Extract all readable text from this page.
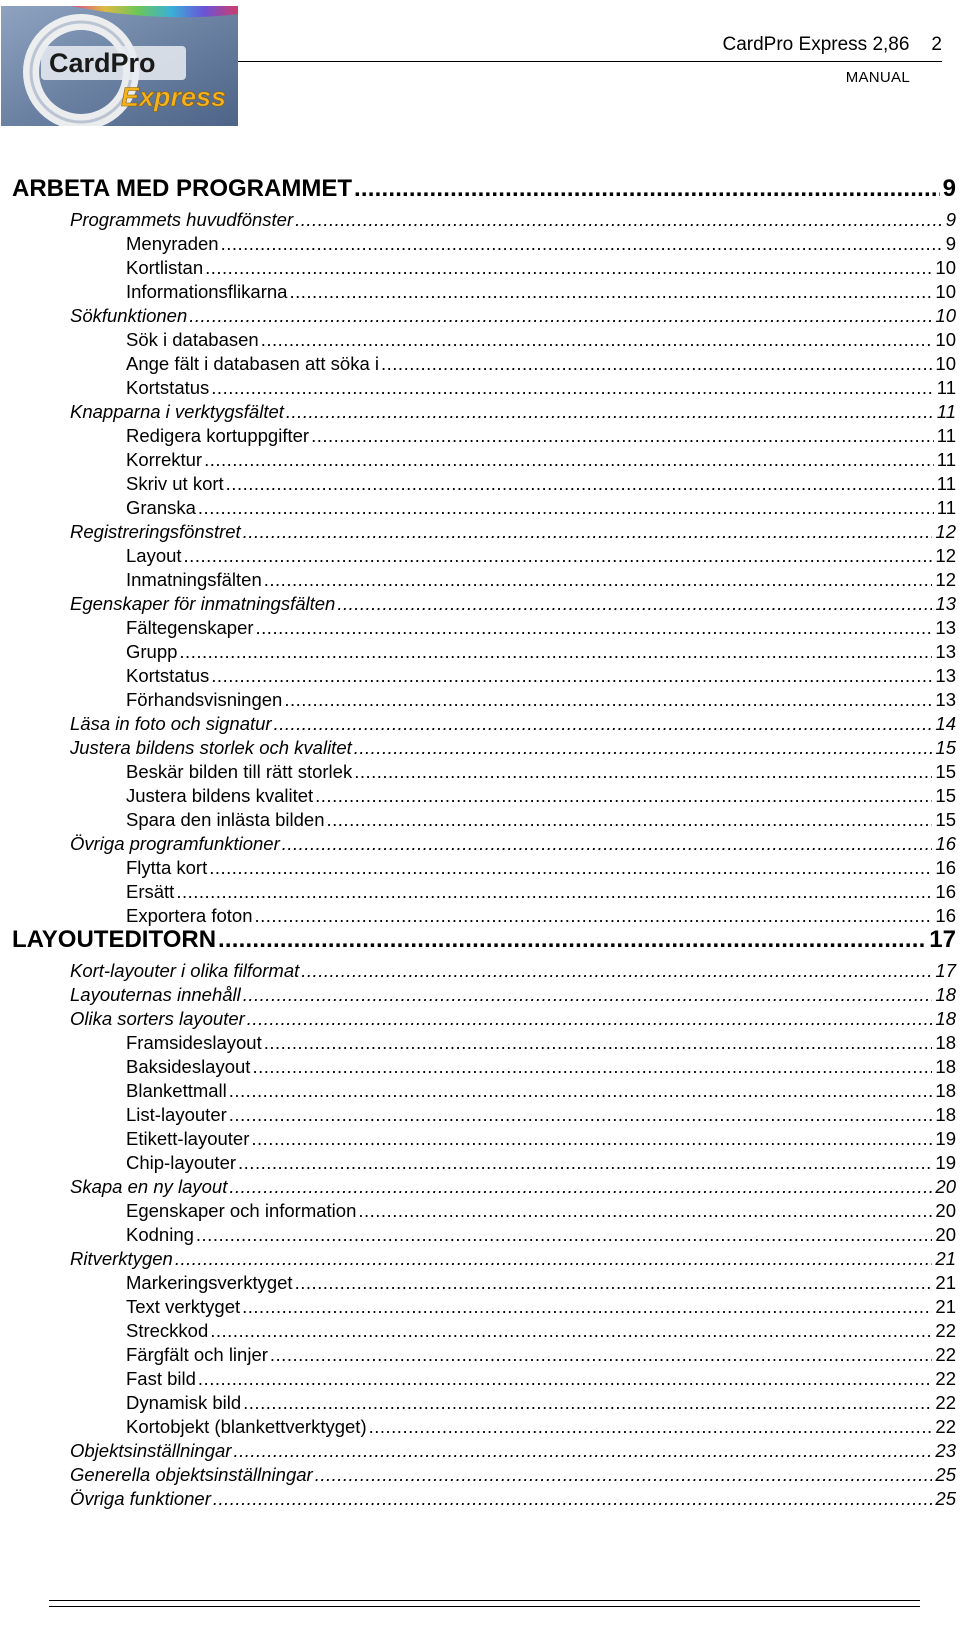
CardPro
Express
CardPro Express 2,86 2
MANUAL
ARBETA MED PROGRAMMET .....	9
Programmets huvudfönster .....	9
Menyraden .....	9
Kortlistan .....	10
Informationsflikarna .....	10
Sökfunktionen .....	10
Sök i databasen .....	10
Ange fält i databasen att söka i .....	10
Kortstatus .....	11
Knapparna i verktygsfältet .....	11
Redigera kortuppgifter .....	11
Korrektur .....	11
Skriv ut kort .....	11
Granska .....	11
Registreringsfönstret .....	12
Layout .....	12
Inmatningsfälten .....	12
Egenskaper för inmatningsfälten .....	13
Fältegenskaper .....	13
Grupp .....	13
Kortstatus .....	13
Förhandsvisningen .....	13
Läsa in foto och signatur .....	14
Justera bildens storlek och kvalitet .....	15
Beskär bilden till rätt storlek .....	15
Justera bildens kvalitet .....	15
Spara den inlästa bilden .....	15
Övriga programfunktioner .....	16
Flytta kort .....	16
Ersätt .....	16
Exportera foton .....	16
LAYOUTEDITORN .....	17
Kort-layouter i olika filformat .....	17
Layouternas innehåll .....	18
Olika sorters layouter .....	18
Framsideslayout .....	18
Baksideslayout .....	18
Blankettmall .....	18
List-layouter .....	18
Etikett-layouter .....	19
Chip-layouter .....	19
Skapa en ny layout .....	20
Egenskaper och information .....	20
Kodning .....	20
Ritverktygen .....	21
Markeringsverktyget .....	21
Text verktyget .....	21
Streckkod .....	22
Färgfält och linjer .....	22
Fast bild .....	22
Dynamisk bild .....	22
Kortobjekt (blankettverktyget) .....	22
Objektsinställningar .....	23
Generella objektsinställningar .....	25
Övriga funktioner .....	25
